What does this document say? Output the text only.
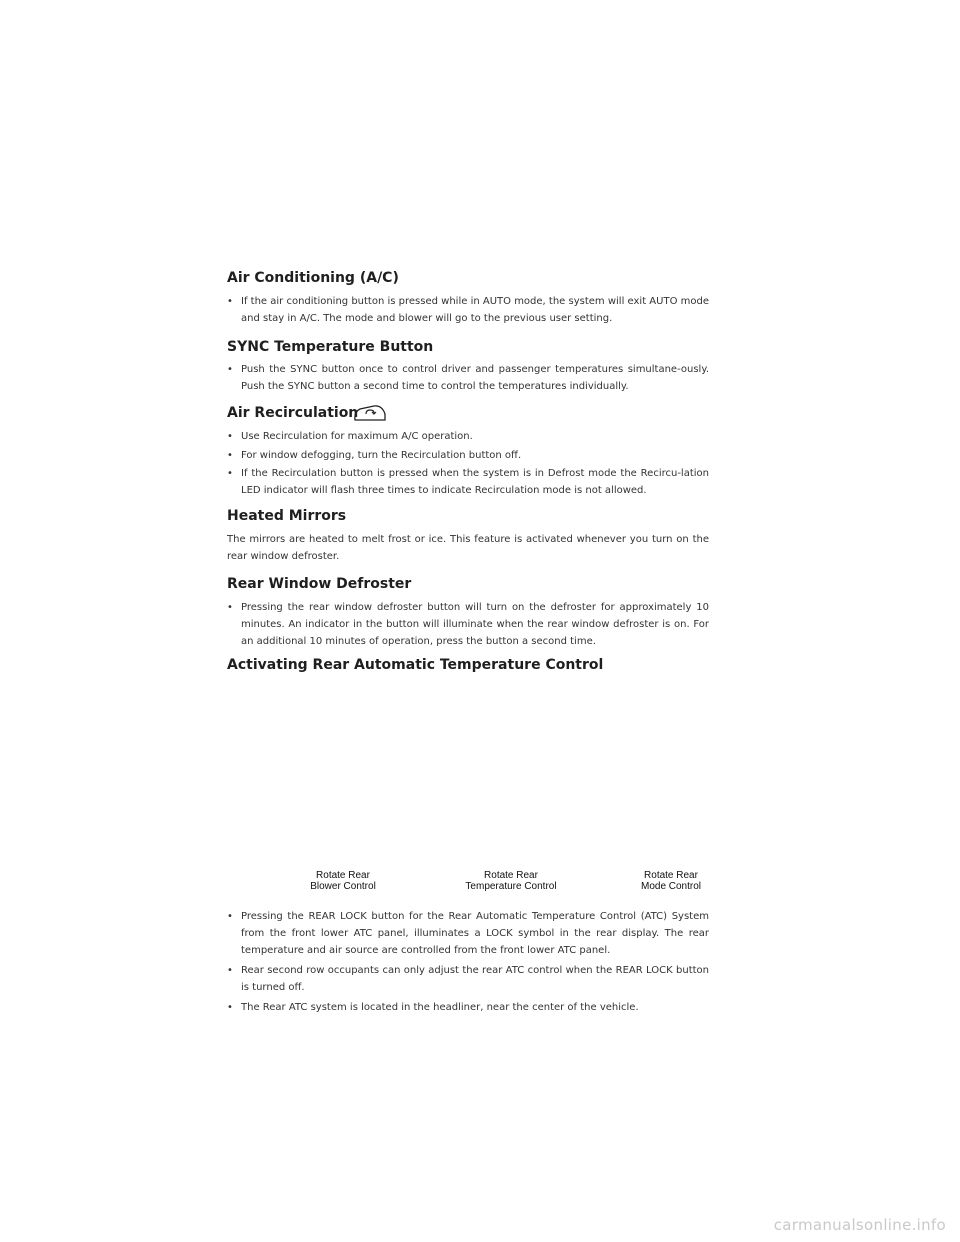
Air Conditioning (A/C)

• If the air conditioning button is pressed while in AUTO mode, the system will exit AUTO mode and stay in A/C. The mode and blower will go to the previous user setting.

SYNC Temperature Button

• Push the SYNC button once to control driver and passenger temperatures simultane-ously. Push the SYNC button a second time to control the temperatures individually.

Air Recirculation

• Use Recirculation for maximum A/C operation.

• For window defogging, turn the Recirculation button off.

• If the Recirculation button is pressed when the system is in Defrost mode the Recircu-lation LED indicator will flash three times to indicate Recirculation mode is not allowed.

Heated Mirrors

The mirrors are heated to melt frost or ice. This feature is activated whenever you turn on the rear window defroster.

Rear Window Defroster

• Pressing the rear window defroster button will turn on the defroster for approximately 10 minutes. An indicator in the button will illuminate when the rear window defroster is on. For an additional 10 minutes of operation, press the button a second time.

Activating Rear Automatic Temperature Control

• Pressing the REAR LOCK button for the Rear Automatic Temperature Control (ATC) System from the front lower ATC panel, illuminates a LOCK symbol in the rear display. The rear temperature and air source are controlled from the front lower ATC panel.

• Rear second row occupants can only adjust the rear ATC control when the REAR LOCK button is turned off.

• The Rear ATC system is located in the headliner, near the center of the vehicle.

Rotate Rear
Blower Control

Rotate Rear
Temperature Control

Rotate Rear
Mode Control

carmanualsonline.info
